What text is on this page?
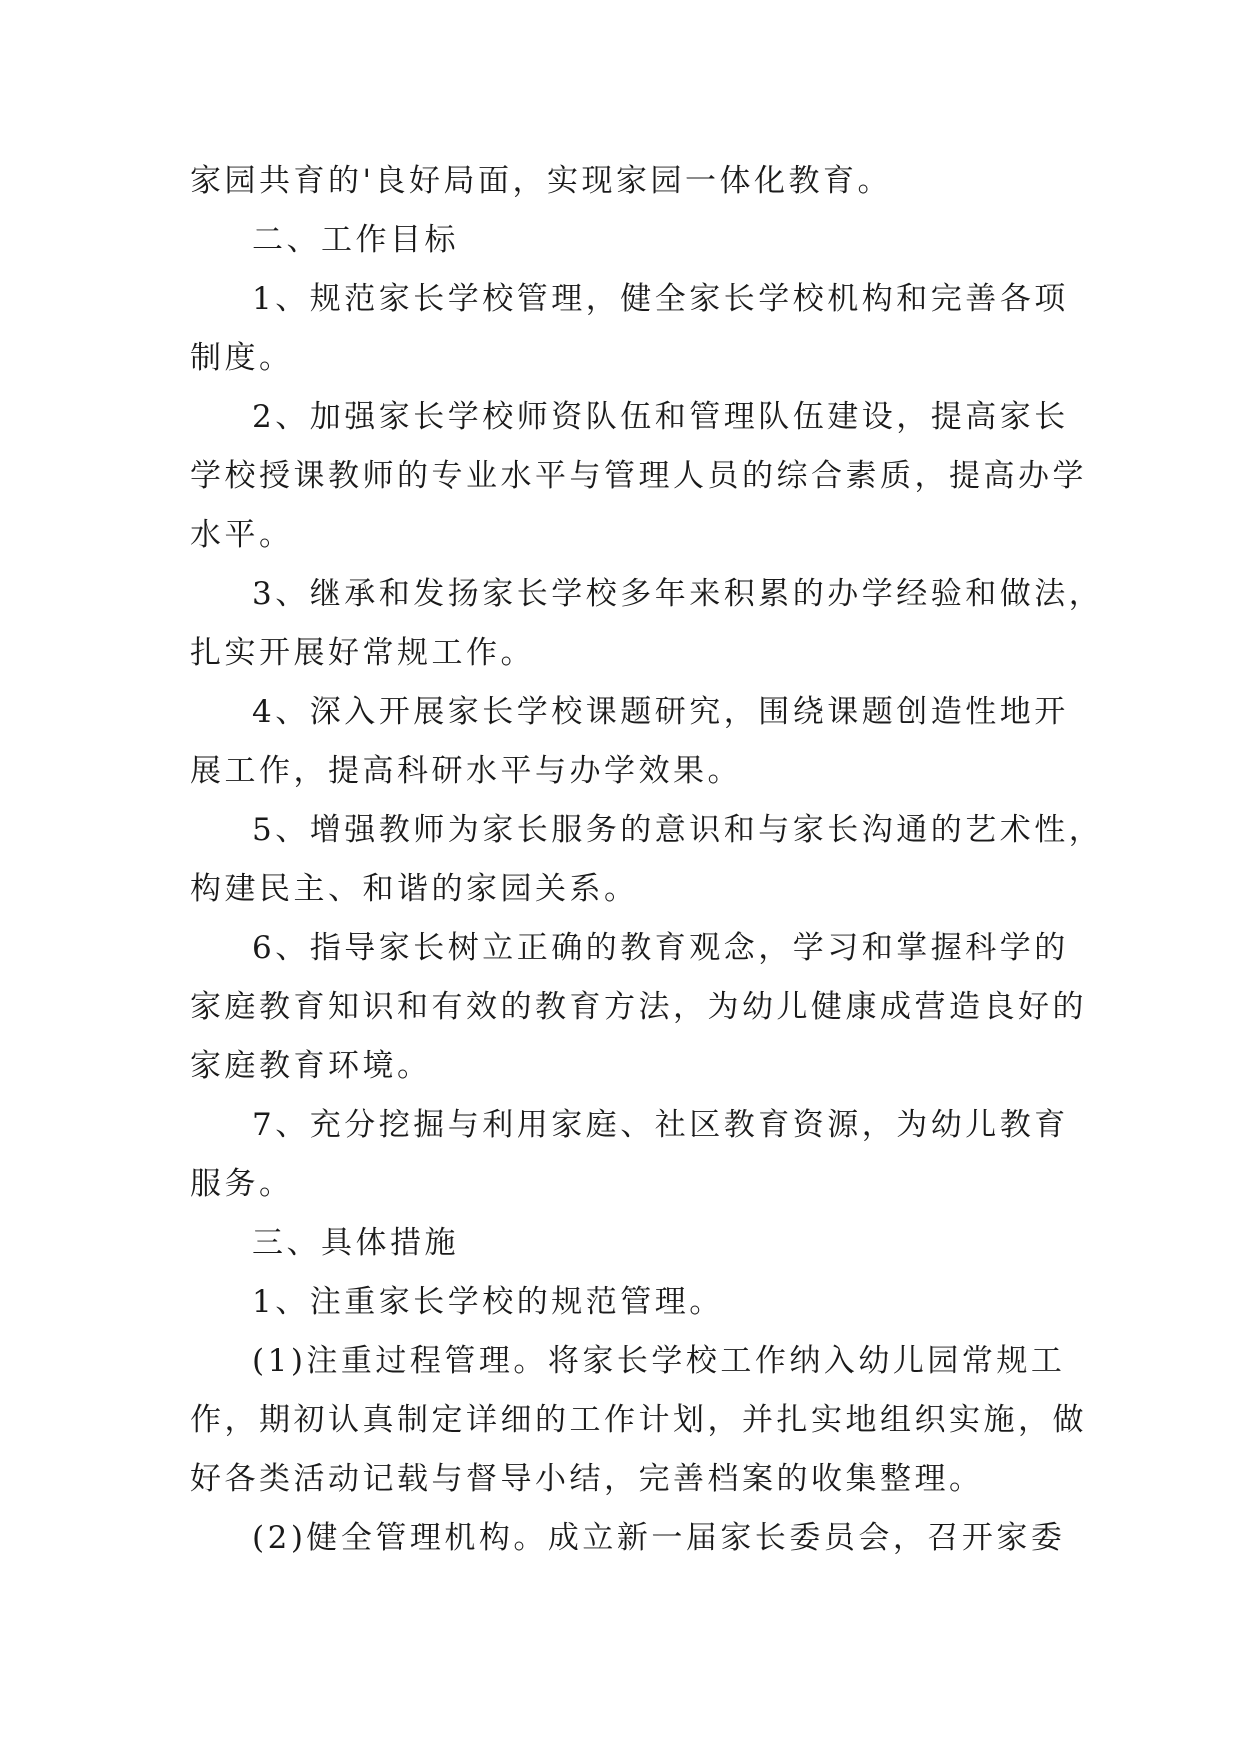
家园共育的'良好局面，实现家园一体化教育。
二、工作目标
1、规范家长学校管理，健全家长学校机构和完善各项
制度。
2、加强家长学校师资队伍和管理队伍建设，提高家长
学校授课教师的专业水平与管理人员的综合素质，提高办学
水平。
3、继承和发扬家长学校多年来积累的办学经验和做法，
扎实开展好常规工作。
4、深入开展家长学校课题研究，围绕课题创造性地开
展工作，提高科研水平与办学效果。
5、增强教师为家长服务的意识和与家长沟通的艺术性，
构建民主、和谐的家园关系。
6、指导家长树立正确的教育观念，学习和掌握科学的
家庭教育知识和有效的教育方法，为幼儿健康成营造良好的
家庭教育环境。
7、充分挖掘与利用家庭、社区教育资源，为幼儿教育
服务。
三、具体措施
1、注重家长学校的规范管理。
(1)注重过程管理。将家长学校工作纳入幼儿园常规工
作，期初认真制定详细的工作计划，并扎实地组织实施，做
好各类活动记载与督导小结，完善档案的收集整理。
(2)健全管理机构。成立新一届家长委员会，召开家委
